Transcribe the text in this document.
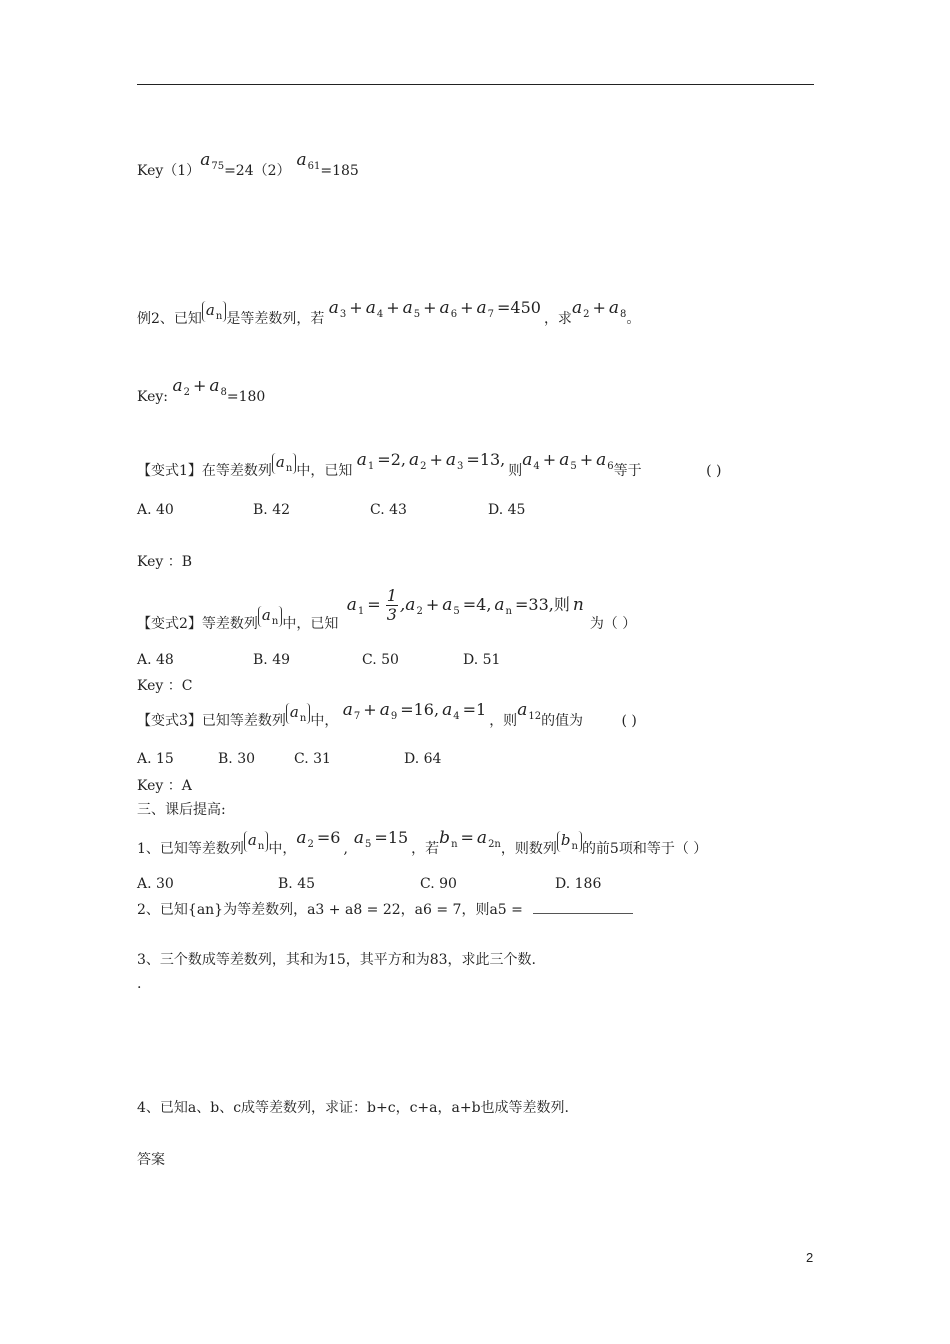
$Key(1)a_{75}=24(2)a_{61}=185$
例2、已知 $a_n$ 是等差数列，若 $a_3 + a_4 + a_5 + a_6 + a_7 =450$，求$a_2 + a_8$。
Key: $a_2 + a_8=180$
【变式1】在等差数列 $a_n$ 中，已知 $a_1 =2$, $a_2 + a_3 =13$,则$a_4 + a_5 + a_6$等于	( )
A. 40	B. 42	C. 43	D. 45
Key ：B
【变式2】等差数列 $a_n$ 中，已知 $a_1 = \frac{1}{3} ,a_2 + a_5 =4$, $a_n =33$,则 n为（ ）
A. 48	B. 49	C. 50	D. 51
Key ：C
【变式3】已知等差数列 $a_n$ 中， $a_7 + a_9 =16$, $a_4 =1$，则$a_{12}$的值为	( )
A. 15	B. 30	C. 31	D. 64
Key ：A
三、课后提高:
1、已知等差数列 $a_n$ 中，$a_2 =6,a_5 =15$，若$b_n = a_{2n}$，则数列 $b_n$ 的前5项和等于（ ）
A. 30	B. 45	C. 90	D. 186
2、已知{an}为等差数列，a3 + a8 = 22，a6 = 7，则a5 =
3、三个数成等差数列，其和为15，其平方和为83，求此三个数.
.
4、已知a、b、c成等差数列，求证：b+c，c+a，a+b也成等差数列.
答案
2
